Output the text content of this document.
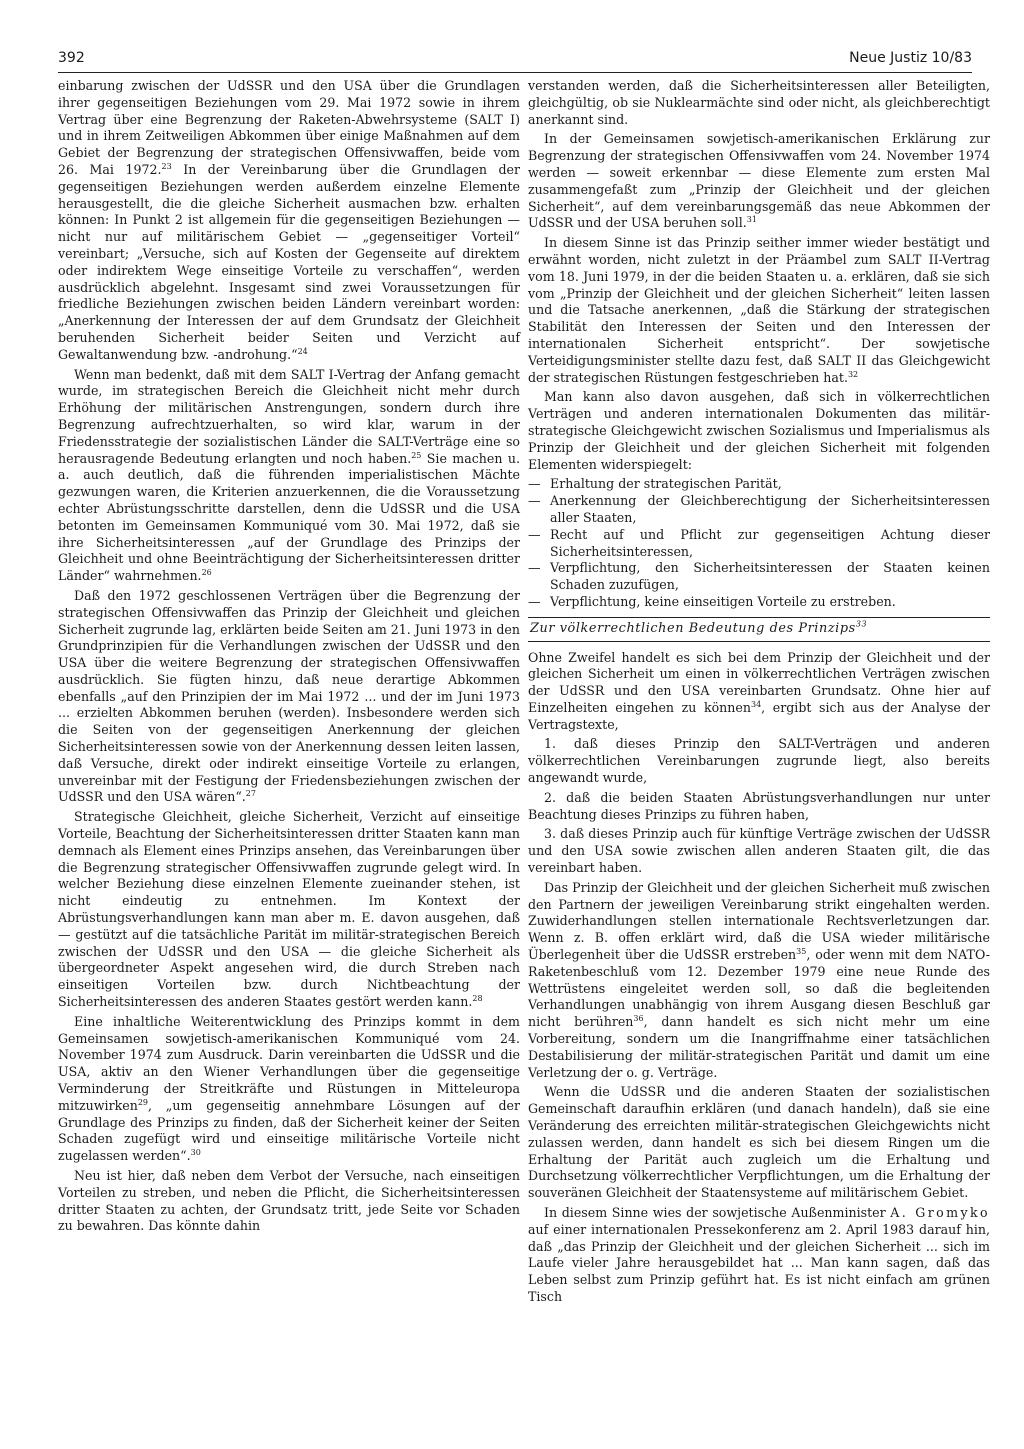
392	Neue Justiz 10/83

einbarung zwischen der UdSSR und den USA über die Grundlagen ihrer gegenseitigen Beziehungen vom 29. Mai 1972 sowie in ihrem Vertrag über eine Begrenzung der Raketen-Abwehrsysteme (SALT I) und in ihrem Zeitweiligen Abkommen über einige Maßnahmen auf dem Gebiet der Begrenzung der strategischen Offensivwaffen, beide vom 26. Mai 1972.23 In der Vereinbarung über die Grundlagen der gegenseitigen Beziehungen werden außerdem einzelne Elemente herausgestellt, die die gleiche Sicherheit ausmachen bzw. erhalten können: In Punkt 2 ist allgemein für die gegenseitigen Beziehungen — nicht nur auf militärischem Gebiet — „gegenseitiger Vorteil“ vereinbart; „Versuche, sich auf Kosten der Gegenseite auf direktem oder indirektem Wege einseitige Vorteile zu verschaffen“, werden ausdrücklich abgelehnt. Insgesamt sind zwei Voraussetzungen für friedliche Beziehungen zwischen beiden Ländern vereinbart worden: „Anerkennung der Interessen der auf dem Grundsatz der Gleichheit beruhenden Sicherheit beider Seiten und Verzicht auf Gewaltanwendung bzw. -androhung.“$^{24}$

Wenn man bedenkt, daß mit dem SALT I-Vertrag der Anfang gemacht wurde, im strategischen Bereich die Gleichheit nicht mehr durch Erhöhung der militärischen Anstrengungen, sondern durch ihre Begrenzung aufrechtzuerhalten, so wird klar, warum in der Friedensstrategie der sozialistischen Länder die SALT-Verträge eine so herausragende Bedeutung erlangten und noch haben.$^{25}$ Sie machen u. a. auch deutlich, daß die führenden imperialistischen Mächte gezwungen waren, die Kriterien anzuerkennen, die die Voraussetzung echter Abrüstungsschritte darstellen, denn die UdSSR und die USA betonten im Gemeinsamen Kommuniqué vom 30. Mai 1972, daß sie ihre Sicherheitsinteressen „auf der Grundlage des Prinzips der Gleichheit und ohne Beeinträchtigung der Sicherheitsinteressen dritter Länder“ wahrnehmen.$^{26}$

Daß den 1972 geschlossenen Verträgen über die Begrenzung der strategischen Offensivwaffen das Prinzip der Gleichheit und gleichen Sicherheit zugrunde lag, erklärten beide Seiten am 21. Juni 1973 in den Grundprinzipien für die Verhandlungen zwischen der UdSSR und den USA über die weitere Begrenzung der strategischen Offensivwaffen ausdrücklich. Sie fügten hinzu, daß neue derartige Abkommen ebenfalls „auf den Prinzipien der im Mai 1972 ... und der im Juni 1973 ... erzielten Abkommen beruhen (werden). Insbesondere werden sich die Seiten von der gegenseitigen Anerkennung der gleichen Sicherheitsinteressen sowie von der Anerkennung dessen leiten lassen, daß Versuche, direkt oder indirekt einseitige Vorteile zu erlangen, unvereinbar mit der Festigung der Friedensbeziehungen zwischen der UdSSR und den USA wären“.$^{27}$

Strategische Gleichheit, gleiche Sicherheit, Verzicht auf einseitige Vorteile, Beachtung der Sicherheitsinteressen dritter Staaten kann man demnach als Element eines Prinzips ansehen, das Vereinbarungen über die Begrenzung strategischer Offensivwaffen zugrunde gelegt wird. In welcher Beziehung diese einzelnen Elemente zueinander stehen, ist nicht eindeutig zu entnehmen. Im Kontext der Abrüstungsverhandlungen kann man aber m. E. davon ausgehen, daß — gestützt auf die tatsächliche Parität im militär-strategischen Bereich zwischen der UdSSR und den USA — die gleiche Sicherheit als übergeordneter Aspekt angesehen wird, die durch Streben nach einseitigen Vorteilen bzw. durch Nichtbeachtung der Sicherheitsinteressen des anderen Staates gestört werden kann.$^{28}$

Eine inhaltliche Weiterentwicklung des Prinzips kommt in dem Gemeinsamen sowjetisch-amerikanischen Kommuniqué vom 24. November 1974 zum Ausdruck. Darin vereinbarten die UdSSR und die USA, aktiv an den Wiener Verhandlungen über die gegenseitige Verminderung der Streitkräfte und Rüstungen in Mitteleuropa mitzuwirken$^{29}$, „um gegenseitig annehmbare Lösungen auf der Grundlage des Prinzips zu finden, daß der Sicherheit keiner der Seiten Schaden zugefügt wird und einseitige militärische Vorteile nicht zugelassen werden“.$^{30}$

Neu ist hier, daß neben dem Verbot der Versuche, nach einseitigen Vorteilen zu streben, und neben die Pflicht, die Sicherheitsinteressen dritter Staaten zu achten, der Grundsatz tritt, jede Seite vor Schaden zu bewahren. Das könnte dahin

verstanden werden, daß die Sicherheitsinteressen aller Beteiligten, gleichgültig, ob sie Nuklearmächte sind oder nicht, als gleichberechtigt anerkannt sind.

In der Gemeinsamen sowjetisch-amerikanischen Erklärung zur Begrenzung der strategischen Offensivwaffen vom 24. November 1974 werden — soweit erkennbar — diese Elemente zum ersten Mal zusammengefaßt zum „Prinzip der Gleichheit und der gleichen Sicherheit“, auf dem vereinbarungsgemäß das neue Abkommen der UdSSR und der USA beruhen soll.$^{31}$

In diesem Sinne ist das Prinzip seither immer wieder bestätigt und erwähnt worden, nicht zuletzt in der Präambel zum SALT II-Vertrag vom 18. Juni 1979, in der die beiden Staaten u. a. erklären, daß sie sich vom „Prinzip der Gleichheit und der gleichen Sicherheit“ leiten lassen und die Tatsache anerkennen, „daß die Stärkung der strategischen Stabilität den Interessen der Seiten und den Interessen der internationalen Sicherheit entspricht“. Der sowjetische Verteidigungsminister stellte dazu fest, daß SALT II das Gleichgewicht der strategischen Rüstungen festgeschrieben hat.$^{32}$

Man kann also davon ausgehen, daß sich in völkerrechtlichen Verträgen und anderen internationalen Dokumenten das militär-strategische Gleichgewicht zwischen Sozialismus und Imperialismus als Prinzip der Gleichheit und der gleichen Sicherheit mit folgenden Elementen widerspiegelt:

— Erhaltung der strategischen Parität,
— Anerkennung der Gleichberechtigung der Sicherheitsinteressen aller Staaten,
— Recht auf und Pflicht zur gegenseitigen Achtung dieser Sicherheitsinteressen,
— Verpflichtung, den Sicherheitsinteressen der Staaten keinen Schaden zuzufügen,
— Verpflichtung, keine einseitigen Vorteile zu erstreben.
Zur völkerrechtlichen Bedeutung des Prinzips$^{33}$

Ohne Zweifel handelt es sich bei dem Prinzip der Gleichheit und der gleichen Sicherheit um einen in völkerrechtlichen Verträgen zwischen der UdSSR und den USA vereinbarten Grundsatz. Ohne hier auf Einzelheiten eingehen zu können$^{34}$, ergibt sich aus der Analyse der Vertragstexte,

1. daß dieses Prinzip den SALT-Verträgen und anderen völkerrechtlichen Vereinbarungen zugrunde liegt, also bereits angewandt wurde,

2. daß die beiden Staaten Abrüstungsverhandlungen nur unter Beachtung dieses Prinzips zu führen haben,

3. daß dieses Prinzip auch für künftige Verträge zwischen der UdSSR und den USA sowie zwischen allen anderen Staaten gilt, die das vereinbart haben.

Das Prinzip der Gleichheit und der gleichen Sicherheit muß zwischen den Partnern der jeweiligen Vereinbarung strikt eingehalten werden. Zuwiderhandlungen stellen internationale Rechtsverletzungen dar. Wenn z. B. offen erklärt wird, daß die USA wieder militärische Überlegenheit über die UdSSR erstreben$^{35}$, oder wenn mit dem NATO-Raketenbeschluß vom 12. Dezember 1979 eine neue Runde des Wettrüstens eingeleitet werden soll, so daß die begleitenden Verhandlungen unabhängig von ihrem Ausgang diesen Beschluß gar nicht berühren$^{36}$, dann handelt es sich nicht mehr um eine Vorbereitung, sondern um die Inangriffnahme einer tatsächlichen Destabilisierung der militär-strategischen Parität und damit um eine Verletzung der o. g. Verträge.

Wenn die UdSSR und die anderen Staaten der sozialistischen Gemeinschaft daraufhin erklären (und danach handeln), daß sie eine Veränderung des erreichten militär-strategischen Gleichgewichts nicht zulassen werden, dann handelt es sich bei diesem Ringen um die Erhaltung der Parität auch zugleich um die Erhaltung und Durchsetzung völkerrechtlicher Verpflichtungen, um die Erhaltung der souveränen Gleichheit der Staatensysteme auf militärischem Gebiet.

In diesem Sinne wies der sowjetische Außenminister A. Gromyko auf einer internationalen Pressekonferenz am 2. April 1983 darauf hin, daß „das Prinzip der Gleichheit und der gleichen Sicherheit ... sich im Laufe vieler Jahre herausgebildet hat ... Man kann sagen, daß das Leben selbst zum Prinzip geführt hat. Es ist nicht einfach am grünen Tisch
